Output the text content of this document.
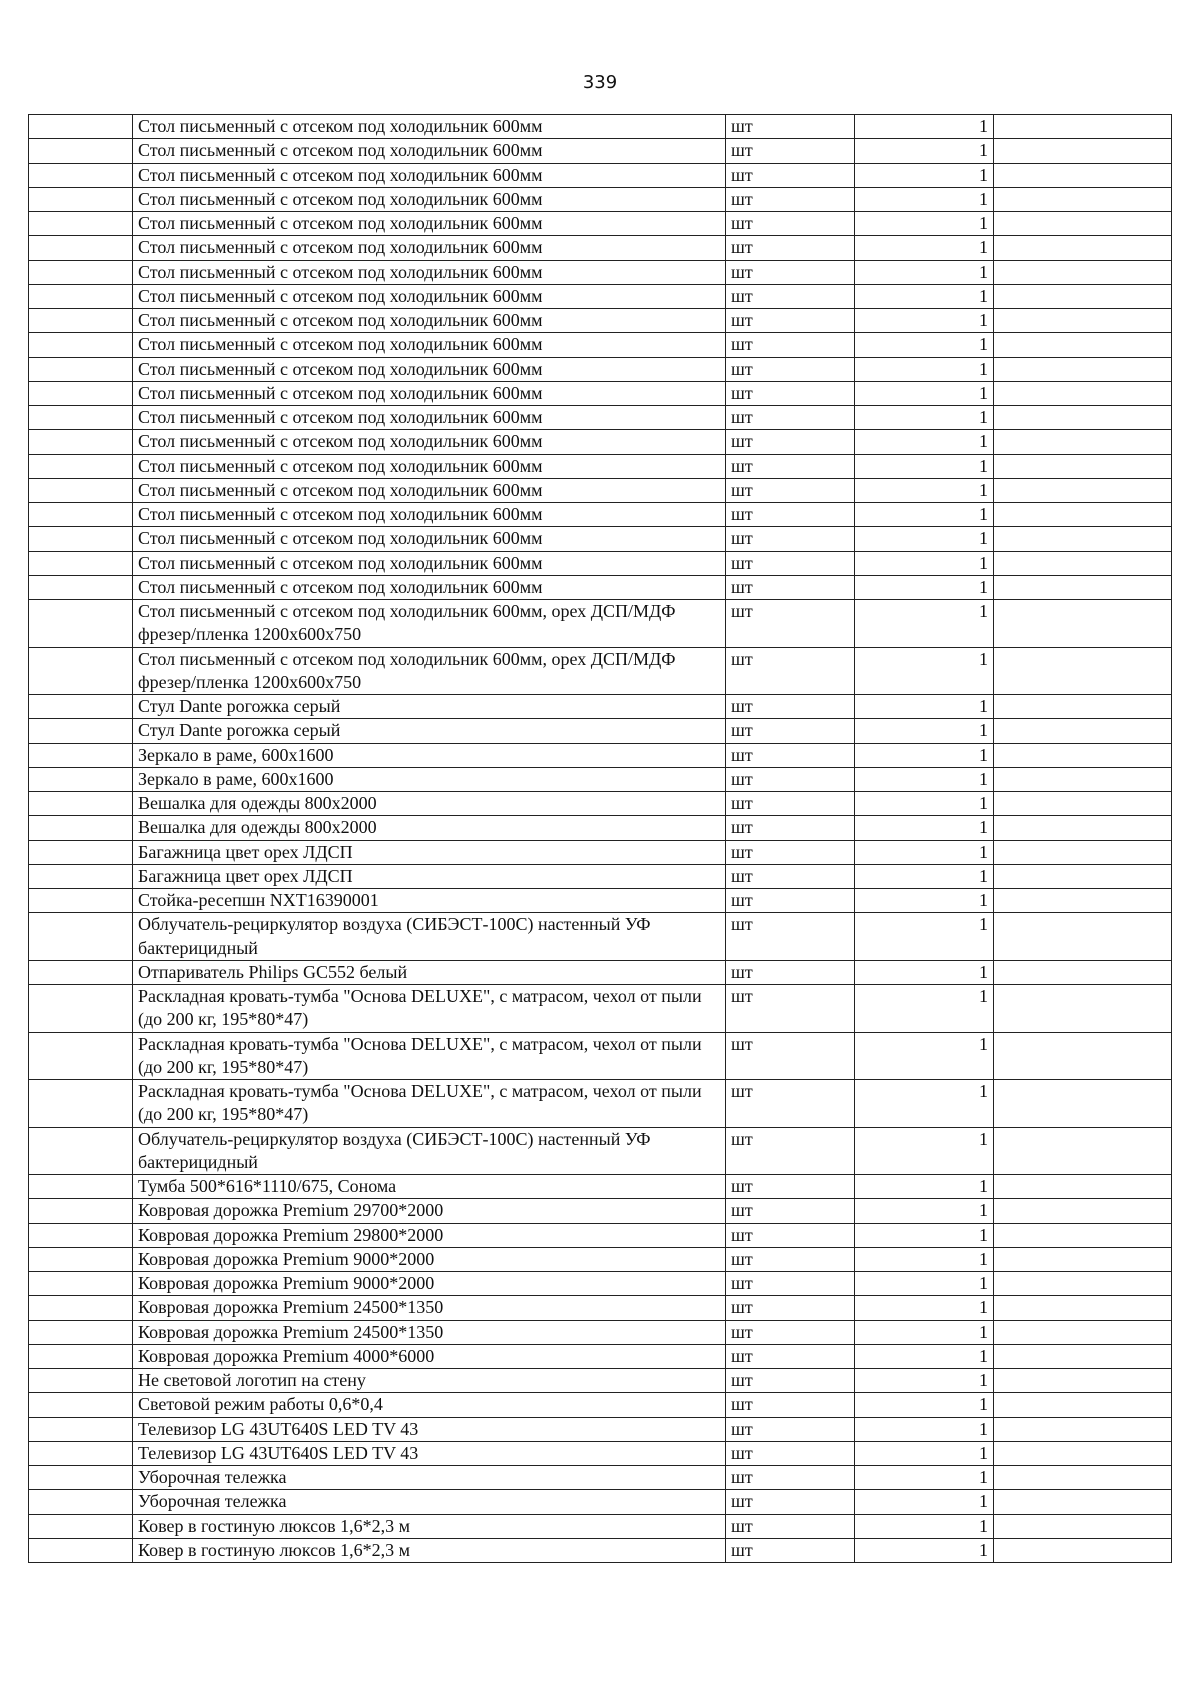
339
	Стол письменный с отсеком под холодильник 600мм	шт	1	
	Стол письменный с отсеком под холодильник 600мм	шт	1	
	Стол письменный с отсеком под холодильник 600мм	шт	1	
	Стол письменный с отсеком под холодильник 600мм	шт	1	
	Стол письменный с отсеком под холодильник 600мм	шт	1	
	Стол письменный с отсеком под холодильник 600мм	шт	1	
	Стол письменный с отсеком под холодильник 600мм	шт	1	
	Стол письменный с отсеком под холодильник 600мм	шт	1	
	Стол письменный с отсеком под холодильник 600мм	шт	1	
	Стол письменный с отсеком под холодильник 600мм	шт	1	
	Стол письменный с отсеком под холодильник 600мм	шт	1	
	Стол письменный с отсеком под холодильник 600мм	шт	1	
	Стол письменный с отсеком под холодильник 600мм	шт	1	
	Стол письменный с отсеком под холодильник 600мм	шт	1	
	Стол письменный с отсеком под холодильник 600мм	шт	1	
	Стол письменный с отсеком под холодильник 600мм	шт	1	
	Стол письменный с отсеком под холодильник 600мм	шт	1	
	Стол письменный с отсеком под холодильник 600мм	шт	1	
	Стол письменный с отсеком под холодильник 600мм	шт	1	
	Стол письменный с отсеком под холодильник 600мм	шт	1	
	Стол письменный с отсеком под холодильник 600мм, орех ДСП/МДФ фрезер/пленка 1200х600х750	шт	1	
	Стол письменный с отсеком под холодильник 600мм, орех ДСП/МДФ фрезер/пленка 1200х600х750	шт	1	
	Стул Dante рогожка серый	шт	1	
	Стул Dante рогожка серый	шт	1	
	Зеркало в раме, 600х1600	шт	1	
	Зеркало в раме, 600х1600	шт	1	
	Вешалка для одежды 800х2000	шт	1	
	Вешалка для одежды 800х2000	шт	1	
	Багажница цвет орех ЛДСП	шт	1	
	Багажница цвет орех ЛДСП	шт	1	
	Стойка-ресепшн NXT16390001	шт	1	
	Облучатель-рециркулятор воздуха (СИБЭСТ-100С) настенный УФ бактерицидный	шт	1	
	Отпариватель Philips GC552 белый	шт	1	
	Раскладная кровать-тумба "Основа DELUXE", с матрасом, чехол от пыли (до 200 кг, 195*80*47)	шт	1	
	Раскладная кровать-тумба "Основа DELUXE", с матрасом, чехол от пыли (до 200 кг, 195*80*47)	шт	1	
	Раскладная кровать-тумба "Основа DELUXE", с матрасом, чехол от пыли (до 200 кг, 195*80*47)	шт	1	
	Облучатель-рециркулятор воздуха (СИБЭСТ-100С) настенный УФ бактерицидный	шт	1	
	Тумба 500*616*1110/675, Сонома	шт	1	
	Ковровая дорожка Premium 29700*2000	шт	1	
	Ковровая дорожка Premium 29800*2000	шт	1	
	Ковровая дорожка Premium 9000*2000	шт	1	
	Ковровая дорожка Premium 9000*2000	шт	1	
	Ковровая дорожка Premium 24500*1350	шт	1	
	Ковровая дорожка Premium 24500*1350	шт	1	
	Ковровая дорожка Premium 4000*6000	шт	1	
	Не световой логотип на стену	шт	1	
	Световой режим работы 0,6*0,4	шт	1	
	Телевизор LG 43UT640S LED TV 43	шт	1	
	Телевизор LG 43UT640S LED TV 43	шт	1	
	Уборочная тележка	шт	1	
	Уборочная тележка	шт	1	
	Ковер в гостиную люксов 1,6*2,3 м	шт	1	
	Ковер в гостиную люксов 1,6*2,3 м	шт	1	
